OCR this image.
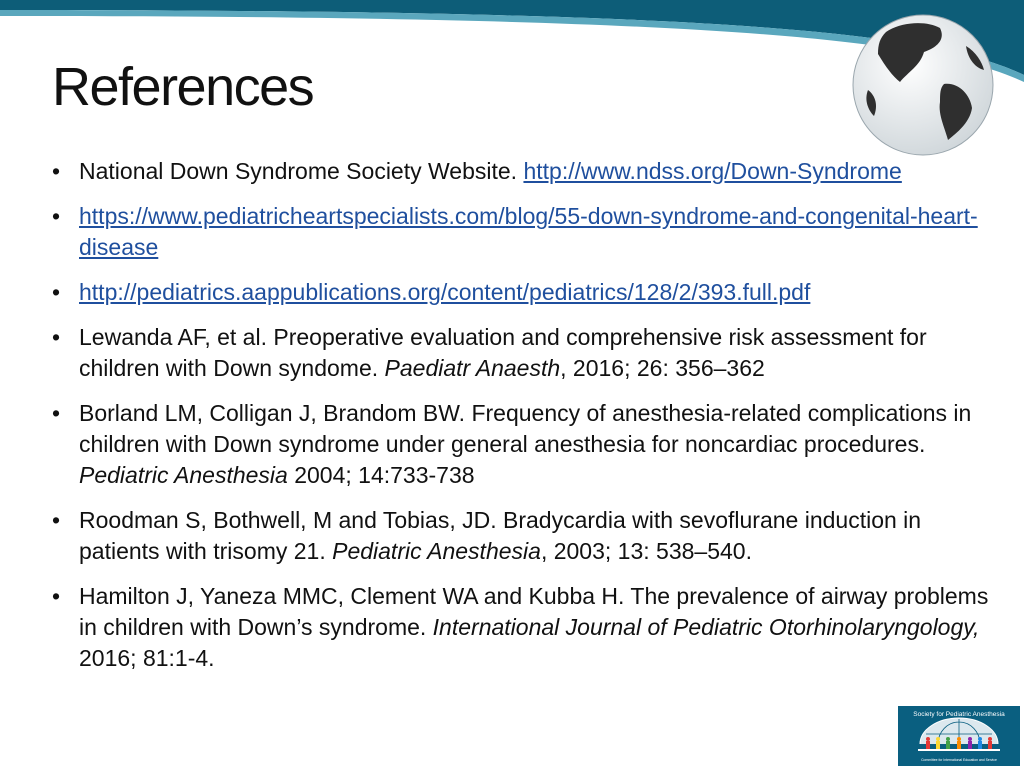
References
• National Down Syndrome Society Website. http://www.ndss.org/Down-Syndrome
• https://www.pediatricheartspecialists.com/blog/55-down-syndrome-and-congenital-heart-disease
• http://pediatrics.aappublications.org/content/pediatrics/128/2/393.full.pdf
• Lewanda AF, et al. Preoperative evaluation and comprehensive risk assessment for children with Down syndome. Paediatr Anaesth, 2016; 26: 356–362
• Borland LM, Colligan J, Brandom BW. Frequency of anesthesia-related complications in children with Down syndrome under general anesthesia for noncardiac procedures. Pediatric Anesthesia 2004; 14:733-738
• Roodman S, Bothwell, M and Tobias, JD. Bradycardia with sevoflurane induction in patients with trisomy 21. Pediatric Anesthesia, 2003; 13: 538–540.
• Hamilton J, Yaneza MMC, Clement WA and Kubba H. The prevalence of airway problems in children with Down’s syndrome. International Journal of Pediatric Otorhinolaryngology, 2016; 81:1-4.
Society for Pediatric Anesthesia
Committee for International Education and Service
